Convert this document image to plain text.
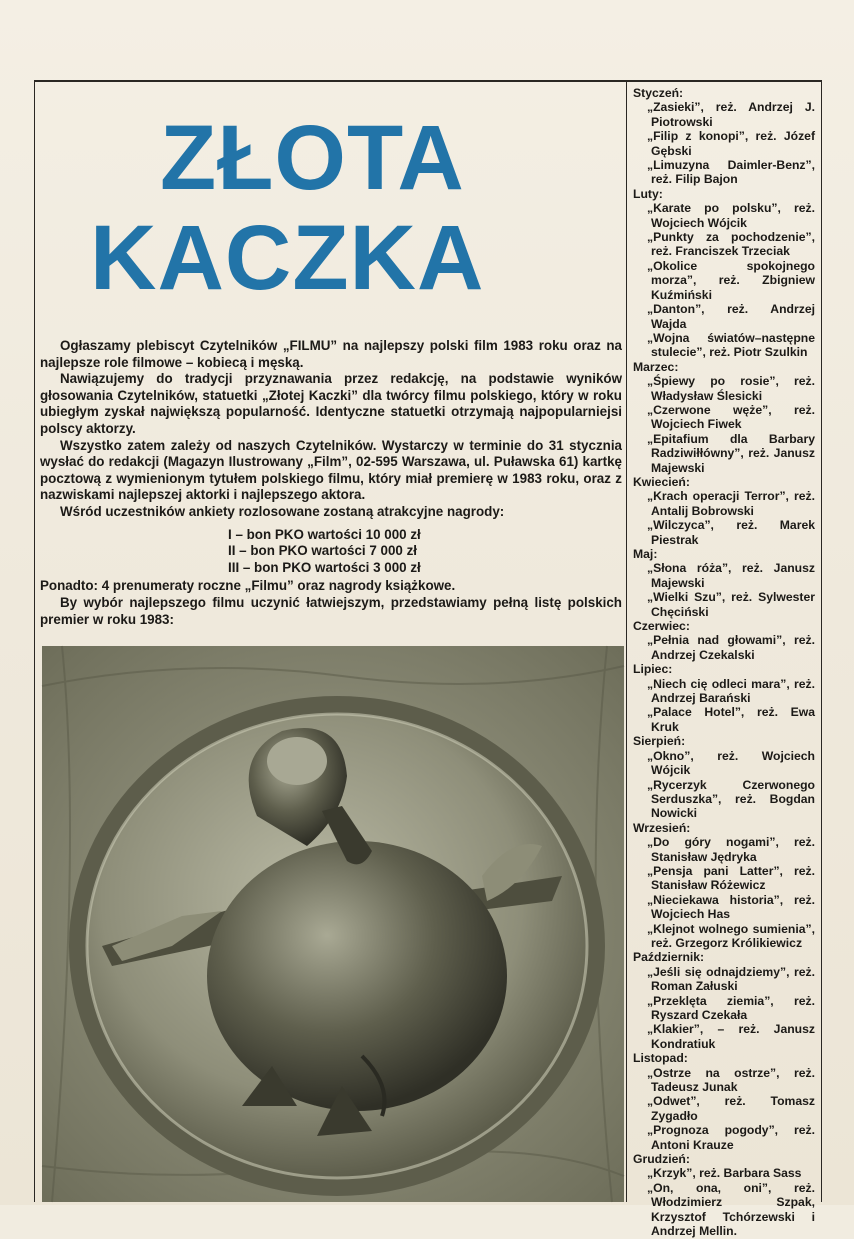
ZŁOTA
KACZKA

Ogłaszamy plebiscyt Czytelników „FILMU” na najlepszy polski film 1983 roku oraz na najlepsze role filmowe – kobiecą i męską.

Nawiązujemy do tradycji przyznawania przez redakcję, na podstawie wyników głosowania Czytelników, statuetki „Złotej Kaczki” dla twórcy filmu polskiego, który w roku ubiegłym zyskał największą popularność. Identyczne statuetki otrzymają najpopularniejsi polscy aktorzy.

Wszystko zatem zależy od naszych Czytelników. Wystarczy w terminie do 31 stycznia wysłać do redakcji (Magazyn Ilustrowany „Film”, 02-595 Warszawa, ul. Puławska 61) kartkę pocztową z wymienionym tytułem polskiego filmu, który miał premierę w 1983 roku, oraz z nazwiskami najlepszej aktorki i najlepszego aktora.

Wśród uczestników ankiety rozlosowane zostaną atrakcyjne nagrody:

I – bon PKO wartości 10 000 zł
II – bon PKO wartości 7 000 zł
III – bon PKO wartości 3 000 zł

Ponadto: 4 prenumeraty roczne „Filmu” oraz nagrody książkowe.

By wybór najlepszego filmu uczynić łatwiejszym, przedstawiamy pełną listę polskich premier w roku 1983:

Styczeń:
„Zasieki”, reż. Andrzej J. Piotrowski
„Filip z konopi”, reż. Józef Gębski
„Limuzyna Daimler-Benz”, reż. Filip Bajon
Luty:
„Karate po polsku”, reż. Wojciech Wójcik
„Punkty za pochodzenie”, reż. Franciszek Trzeciak
„Okolice spokojnego morza”, reż. Zbigniew Kuźmiński
„Danton”, reż. Andrzej Wajda
„Wojna światów–następne stulecie”, reż. Piotr Szulkin
Marzec:
„Śpiewy po rosie”, reż. Władysław Ślesicki
„Czerwone węże”, reż. Wojciech Fiwek
„Epitafium dla Barbary Radziwiłłówny”, reż. Janusz Majewski
Kwiecień:
„Krach operacji Terror”, reż. Antalij Bobrowski
„Wilczyca”, reż. Marek Piestrak
Maj:
„Słona róża”, reż. Janusz Majewski
„Wielki Szu”, reż. Sylwester Chęciński
Czerwiec:
„Pełnia nad głowami”, reż. Andrzej Czekalski
Lipiec:
„Niech cię odleci mara”, reż. Andrzej Barański
„Palace Hotel”, reż. Ewa Kruk
Sierpień:
„Okno”, reż. Wojciech Wójcik
„Rycerzyk Czerwonego Serduszka”, reż. Bogdan Nowicki
Wrzesień:
„Do góry nogami”, reż. Stanisław Jędryka
„Pensja pani Latter”, reż. Stanisław Różewicz
„Nieciekawa historia”, reż. Wojciech Has
„Klejnot wolnego sumienia”, reż. Grzegorz Królikiewicz
Październik:
„Jeśli się odnajdziemy”, reż. Roman Załuski
„Przeklęta ziemia”, reż. Ryszard Czekała
„Klakier”, – reż. Janusz Kondratiuk
Listopad:
„Ostrze na ostrze”, reż. Tadeusz Junak
„Odwet”, reż. Tomasz Zygadło
„Prognoza pogody”, reż. Antoni Krauze
Grudzień:
„Krzyk”, reż. Barbara Sass
„On, ona, oni”, reż. Włodzimierz Szpak, Krzysztof Tchórzewski i Andrzej Mellin.
